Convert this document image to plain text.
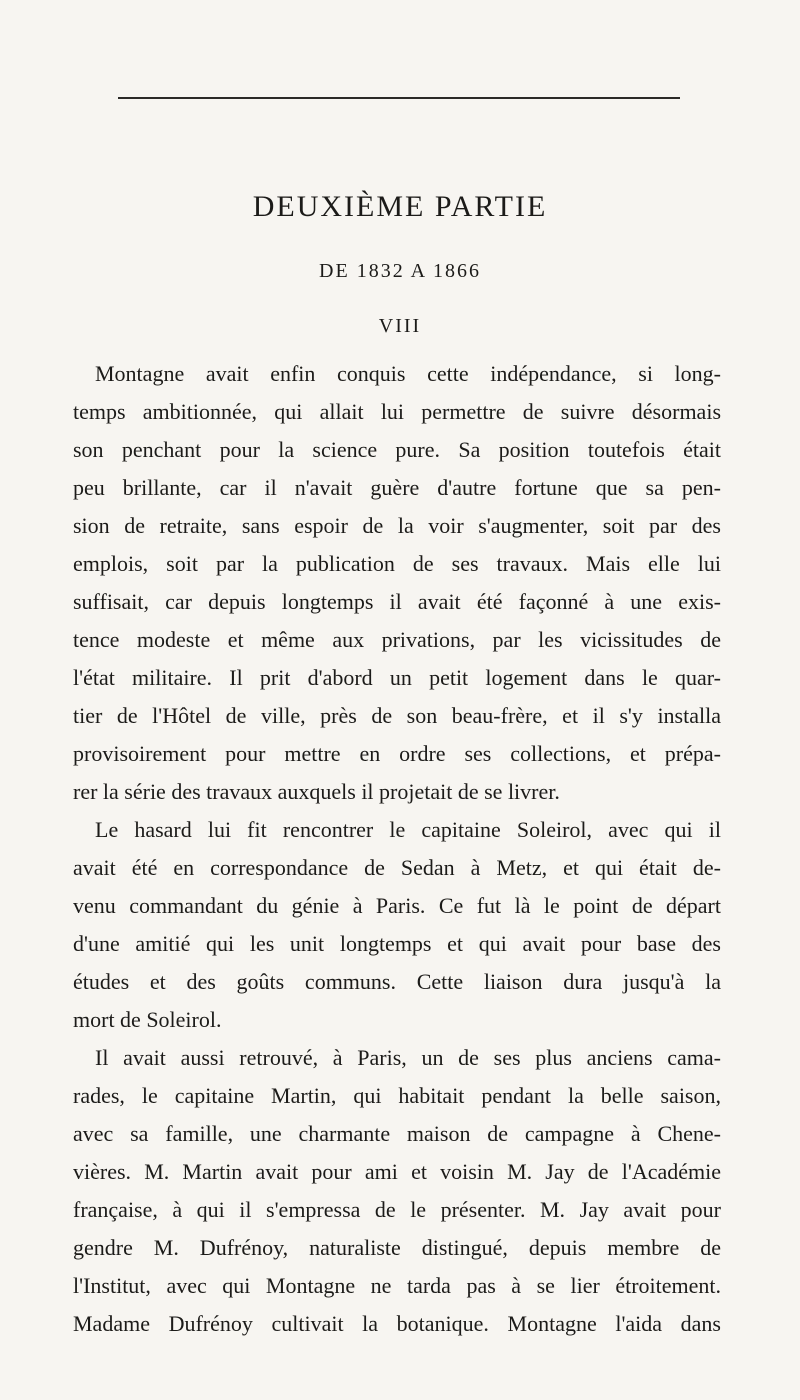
DEUXIÈME PARTIE
DE 1832 A 1866
VIII
Montagne avait enfin conquis cette indépendance, si long-
temps ambitionnée, qui allait lui permettre de suivre désormais
son penchant pour la science pure. Sa position toutefois était
peu brillante, car il n'avait guère d'autre fortune que sa pen-
sion de retraite, sans espoir de la voir s'augmenter, soit par des
emplois, soit par la publication de ses travaux. Mais elle lui
suffisait, car depuis longtemps il avait été façonné à une exis-
tence modeste et même aux privations, par les vicissitudes de
l'état militaire. Il prit d'abord un petit logement dans le quar-
tier de l'Hôtel de ville, près de son beau-frère, et il s'y installa
provisoirement pour mettre en ordre ses collections, et prépa-
rer la série des travaux auxquels il projetait de se livrer.
Le hasard lui fit rencontrer le capitaine Soleirol, avec qui il
avait été en correspondance de Sedan à Metz, et qui était de-
venu commandant du génie à Paris. Ce fut là le point de départ
d'une amitié qui les unit longtemps et qui avait pour base des
études et des goûts communs. Cette liaison dura jusqu'à la
mort de Soleirol.
Il avait aussi retrouvé, à Paris, un de ses plus anciens cama-
rades, le capitaine Martin, qui habitait pendant la belle saison,
avec sa famille, une charmante maison de campagne à Chene-
vières. M. Martin avait pour ami et voisin M. Jay de l'Académie
française, à qui il s'empressa de le présenter. M. Jay avait pour
gendre M. Dufrénoy, naturaliste distingué, depuis membre de
l'Institut, avec qui Montagne ne tarda pas à se lier étroitement.
Madame Dufrénoy cultivait la botanique. Montagne l'aida dans
